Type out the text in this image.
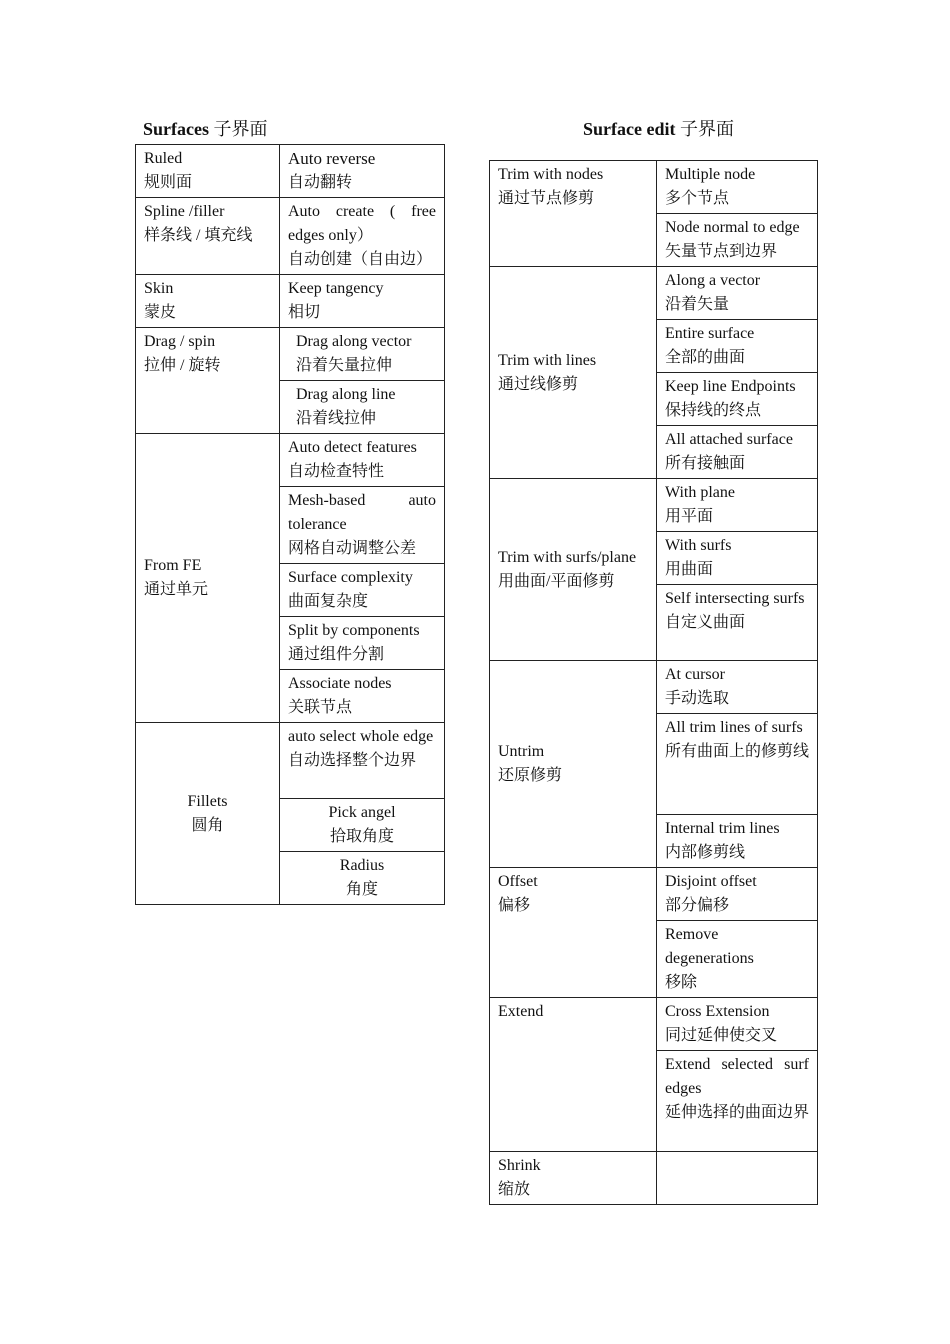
Surfaces 子界面	Surface edit 子界面
Ruled
规则面	Auto reverse
自动翻转

Spline /filler
样条线 / 填充线	Auto create ( free edges only）
自动创建（自由边）

Skin
蒙皮	Keep tangency
相切

Drag / spin
拉伸 / 旋转	Drag along vector
沿着矢量拉伸

	Drag along line
沿着线拉伸

From FE
通过单元	Auto detect features
自动检查特性

	Mesh-based auto tolerance
网格自动调整公差

	Surface complexity
曲面复杂度

	Split by components
通过组件分割

	Associate nodes
关联节点

Fillets
圆角	auto select whole edge
自动选择整个边界

	Pick angel
拾取角度

	Radius
角度
Trim with nodes
通过节点修剪	Multiple node
多个节点

	Node normal to edge
矢量节点到边界

Trim with lines
通过线修剪	Along a vector
沿着矢量

	Entire surface
全部的曲面

	Keep line Endpoints
保持线的终点

	All attached surface
所有接触面

Trim with surfs/plane
用曲面/平面修剪	With plane
用平面

	With surfs
用曲面

	Self intersecting surfs
自定义曲面

Untrim
还原修剪	At cursor
手动选取

	All trim lines of surfs
所有曲面上的修剪线

	Internal trim lines
内部修剪线

Offset
偏移	Disjoint offset
部分偏移

	Remove degenerations
移除

Extend	Cross Extension
同过延伸使交叉

	Extend selected surf edges
延伸选择的曲面边界

Shrink
缩放	
